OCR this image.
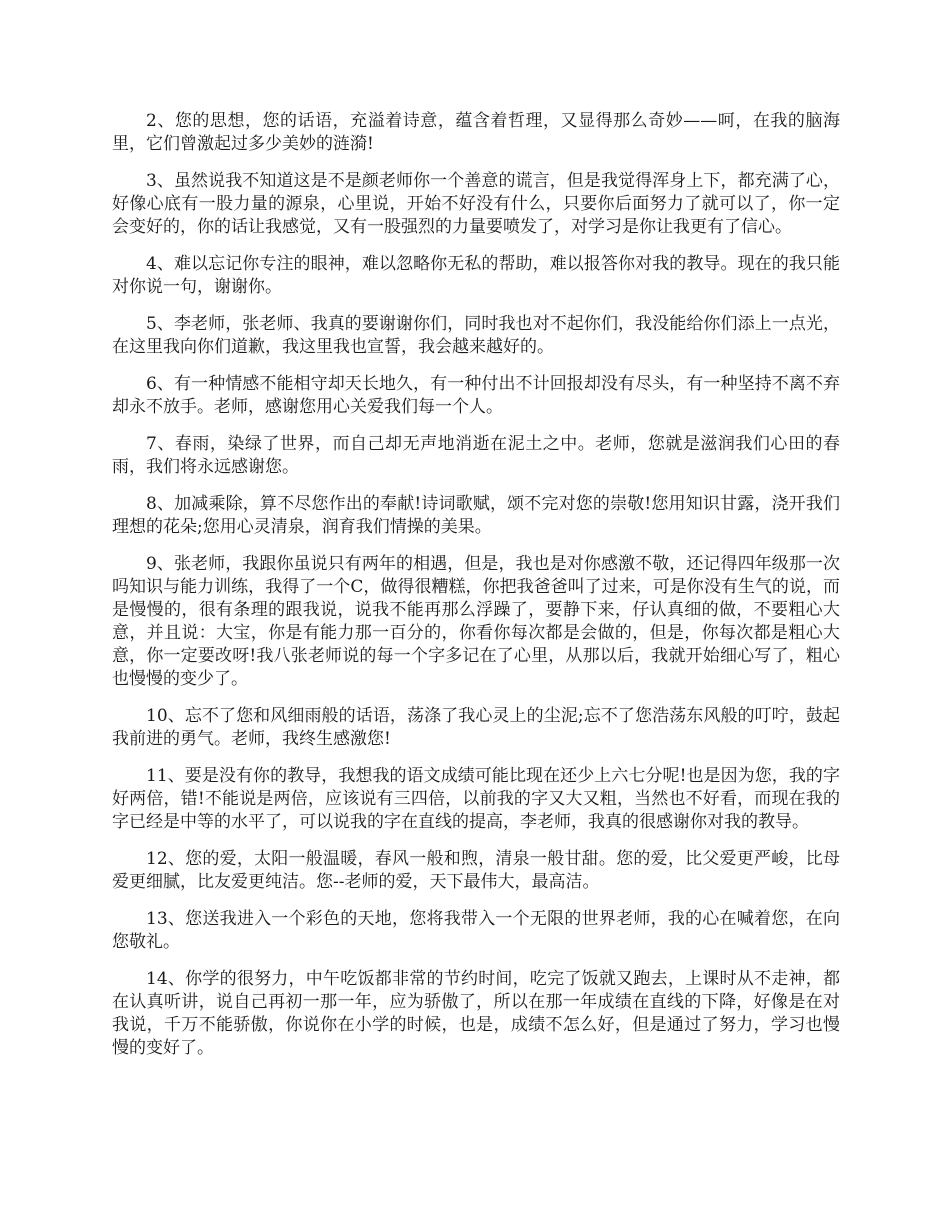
2、您的思想，您的话语，充溢着诗意，蕴含着哲理，又显得那么奇妙——呵，在我的脑海里，它们曾激起过多少美妙的涟漪!

3、虽然说我不知道这是不是颜老师你一个善意的谎言，但是我觉得浑身上下，都充满了心，好像心底有一股力量的源泉，心里说，开始不好没有什么，只要你后面努力了就可以了，你一定会变好的，你的话让我感觉，又有一股强烈的力量要喷发了，对学习是你让我更有了信心。

4、难以忘记你专注的眼神，难以忽略你无私的帮助，难以报答你对我的教导。现在的我只能对你说一句，谢谢你。

5、李老师，张老师、我真的要谢谢你们，同时我也对不起你们，我没能给你们添上一点光，在这里我向你们道歉，我这里我也宣誓，我会越来越好的。

6、有一种情感不能相守却天长地久，有一种付出不计回报却没有尽头，有一种坚持不离不弃却永不放手。老师，感谢您用心关爱我们每一个人。

7、春雨，染绿了世界，而自己却无声地消逝在泥土之中。老师，您就是滋润我们心田的春雨，我们将永远感谢您。

8、加减乘除，算不尽您作出的奉献!诗词歌赋，颂不完对您的崇敬!您用知识甘露，浇开我们理想的花朵;您用心灵清泉，润育我们情操的美果。

9、张老师，我跟你虽说只有两年的相遇，但是，我也是对你感激不敬，还记得四年级那一次吗知识与能力训练，我得了一个C，做得很糟糕，你把我爸爸叫了过来，可是你没有生气的说，而是慢慢的，很有条理的跟我说，说我不能再那么浮躁了，要静下来，仔认真细的做，不要粗心大意，并且说：大宝，你是有能力那一百分的，你看你每次都是会做的，但是，你每次都是粗心大意，你一定要改呀!我八张老师说的每一个字多记在了心里，从那以后，我就开始细心写了，粗心也慢慢的变少了。

10、忘不了您和风细雨般的话语，荡涤了我心灵上的尘泥;忘不了您浩荡东风般的叮咛，鼓起我前进的勇气。老师，我终生感激您!

11、要是没有你的教导，我想我的语文成绩可能比现在还少上六七分呢!也是因为您，我的字好两倍，错!不能说是两倍，应该说有三四倍，以前我的字又大又粗，当然也不好看，而现在我的字已经是中等的水平了，可以说我的字在直线的提高，李老师，我真的很感谢你对我的教导。

12、您的爱，太阳一般温暖，春风一般和煦，清泉一般甘甜。您的爱，比父爱更严峻，比母爱更细腻，比友爱更纯洁。您--老师的爱，天下最伟大，最高洁。

13、您送我进入一个彩色的天地，您将我带入一个无限的世界老师，我的心在喊着您，在向您敬礼。

14、你学的很努力，中午吃饭都非常的节约时间，吃完了饭就又跑去，上课时从不走神，都在认真听讲，说自己再初一那一年，应为骄傲了，所以在那一年成绩在直线的下降，好像是在对我说，千万不能骄傲，你说你在小学的时候，也是，成绩不怎么好，但是通过了努力，学习也慢慢的变好了。
